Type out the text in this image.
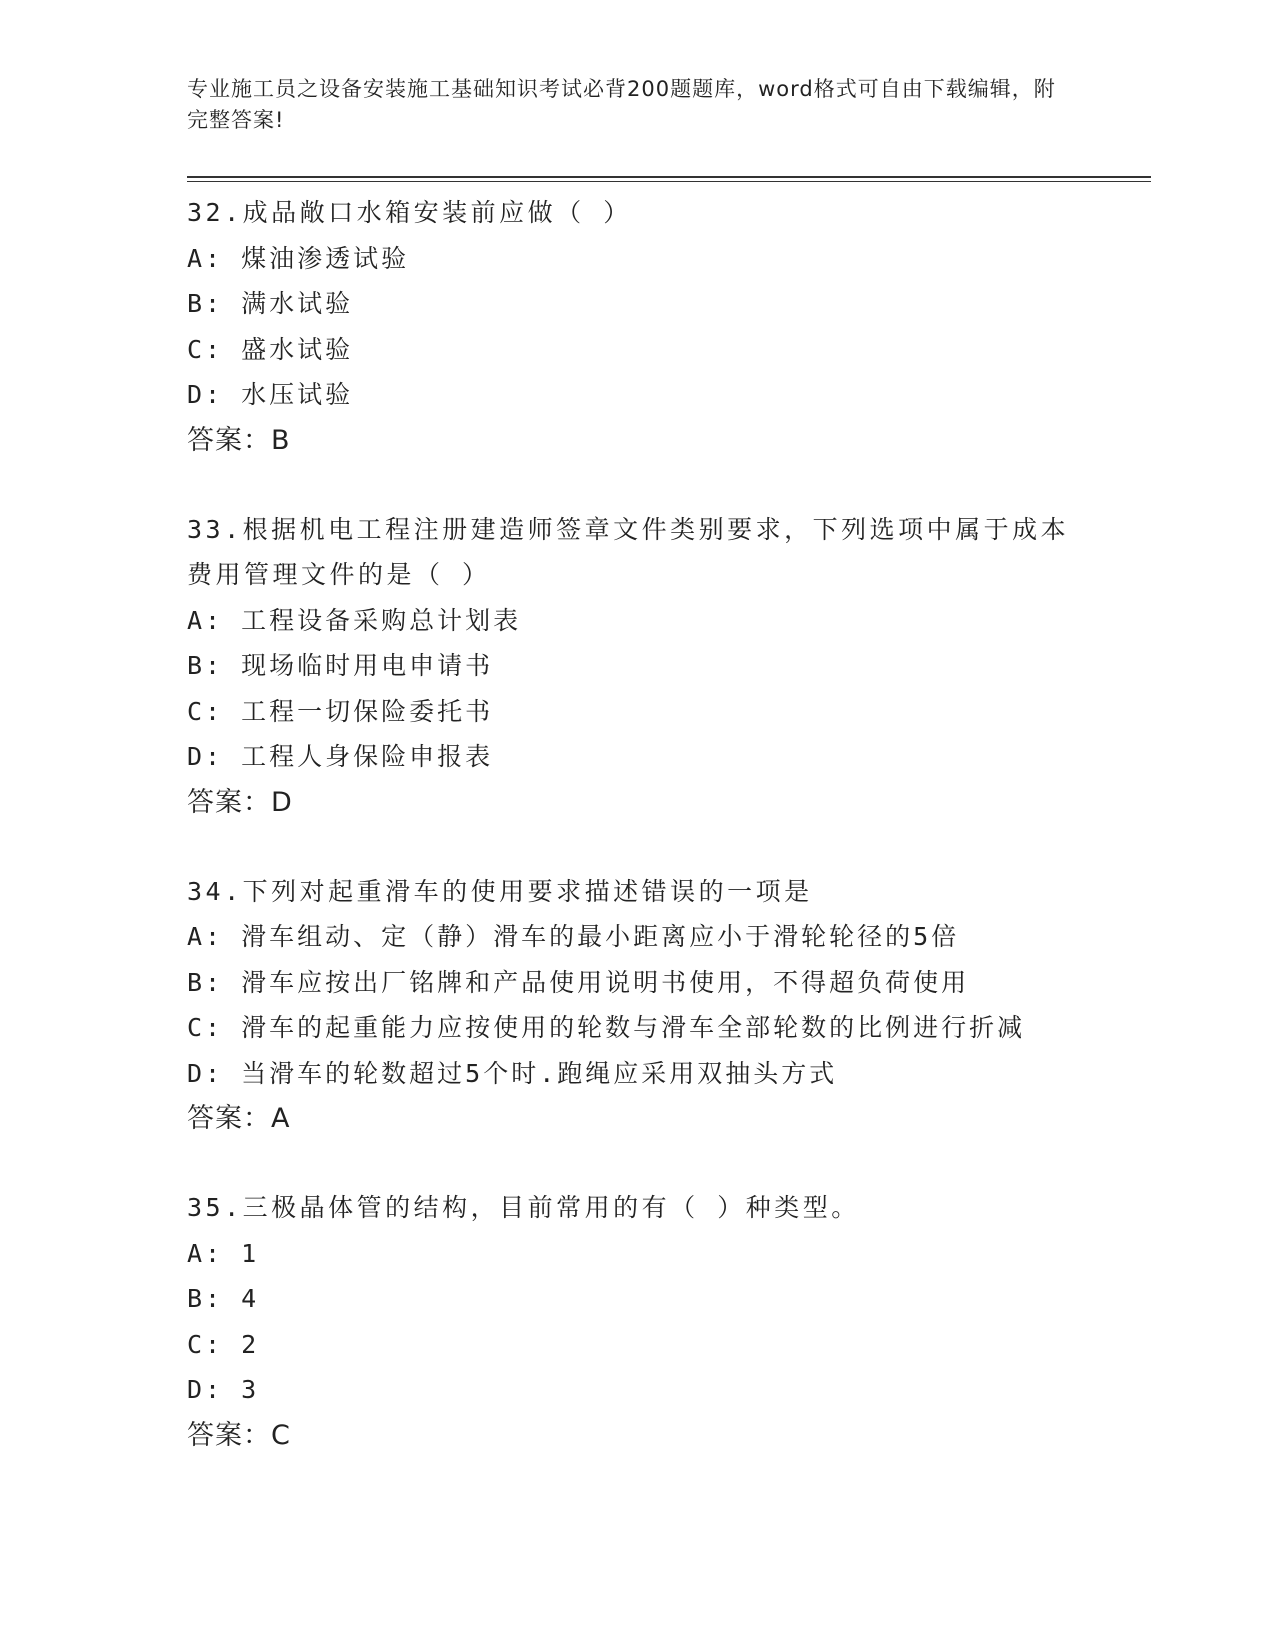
专业施工员之设备安装施工基础知识考试必背200题题库，word格式可自由下载编辑，附完整答案!
32.成品敞口水箱安装前应做（ ）
A: 煤油渗透试验
B: 满水试验
C: 盛水试验
D: 水压试验
答案：B
33.根据机电工程注册建造师签章文件类别要求，下列选项中属于成本费用管理文件的是（ ）
A: 工程设备采购总计划表
B: 现场临时用电申请书
C: 工程一切保险委托书
D: 工程人身保险申报表
答案：D
34.下列对起重滑车的使用要求描述错误的一项是
A: 滑车组动、定（静）滑车的最小距离应小于滑轮轮径的5倍
B: 滑车应按出厂铭牌和产品使用说明书使用，不得超负荷使用
C: 滑车的起重能力应按使用的轮数与滑车全部轮数的比例进行折减
D: 当滑车的轮数超过5个时.跑绳应采用双抽头方式
答案：A
35.三极晶体管的结构，目前常用的有（ ）种类型。
A: 1
B: 4
C: 2
D: 3
答案：C
